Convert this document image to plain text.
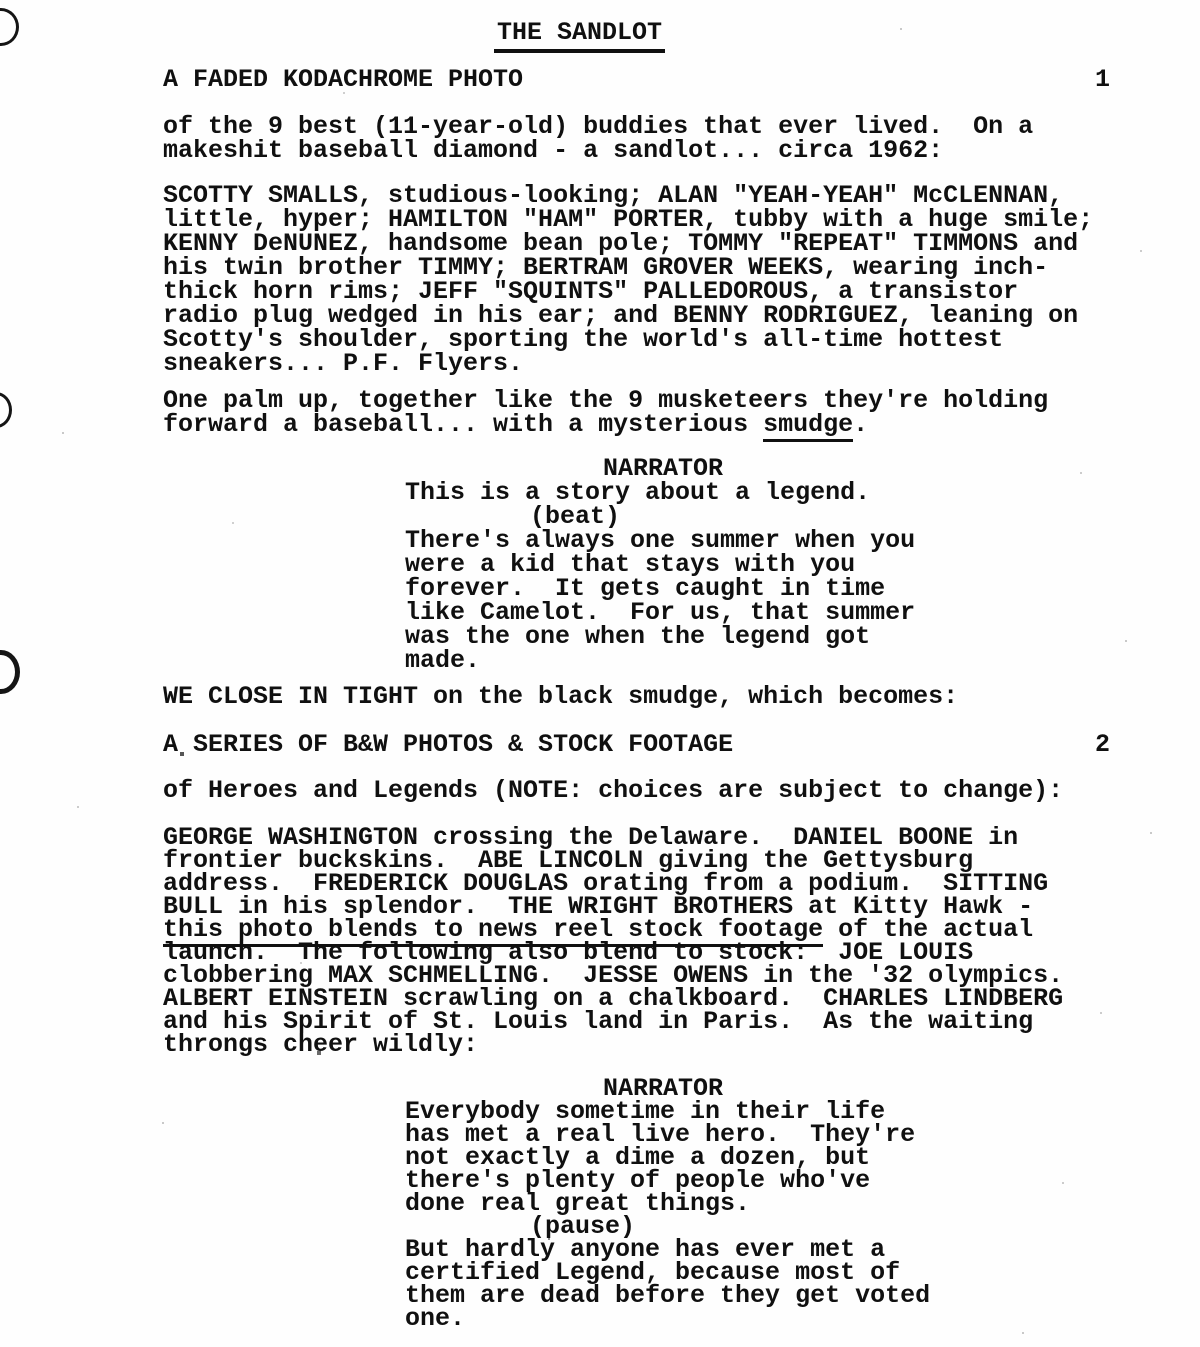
THE SANDLOT
A FADED KODACHROME PHOTO	1
of the 9 best (11-year-old) buddies that ever lived.  On a
makeshit baseball diamond - a sandlot... circa 1962:
SCOTTY SMALLS, studious-looking; ALAN "YEAH-YEAH" McCLENNAN,
little, hyper; HAMILTON "HAM" PORTER, tubby with a huge smile;
KENNY DeNUNEZ, handsome bean pole; TOMMY "REPEAT" TIMMONS and
his twin brother TIMMY; BERTRAM GROVER WEEKS, wearing inch-
thick horn rims; JEFF "SQUINTS" PALLEDOROUS, a transistor
radio plug wedged in his ear; and BENNY RODRIGUEZ, leaning on
Scotty's shoulder, sporting the world's all-time hottest
sneakers... P.F. Flyers.
One palm up, together like the 9 musketeers they're holding
forward a baseball... with a mysterious smudge.
NARRATOR
This is a story about a legend.
(beat)
There's always one summer when you
were a kid that stays with you
forever.  It gets caught in time
like Camelot.  For us, that summer
was the one when the legend got
made.
WE CLOSE IN TIGHT on the black smudge, which becomes:
A SERIES OF B&W PHOTOS & STOCK FOOTAGE	2
of Heroes and Legends (NOTE: choices are subject to change):
GEORGE WASHINGTON crossing the Delaware.  DANIEL BOONE in
frontier buckskins.  ABE LINCOLN giving the Gettysburg
address.  FREDERICK DOUGLAS orating from a podium.  SITTING
BULL in his splendor.  THE WRIGHT BROTHERS at Kitty Hawk -
this photo blends to news reel stock footage of the actual
launch.  The following also blend to stock:  JOE LOUIS
clobbering MAX SCHMELLING.  JESSE OWENS in the '32 olympics.
ALBERT EINSTEIN scrawling on a chalkboard.  CHARLES LINDBERG
and his Spirit of St. Louis land in Paris.  As the waiting
throngs cheer wildly:
NARRATOR
Everybody sometime in their life
has met a real live hero.  They're
not exactly a dime a dozen, but
there's plenty of people who've
done real great things.
(pause)
But hardly anyone has ever met a
certified Legend, because most of
them are dead before they get voted
one.
